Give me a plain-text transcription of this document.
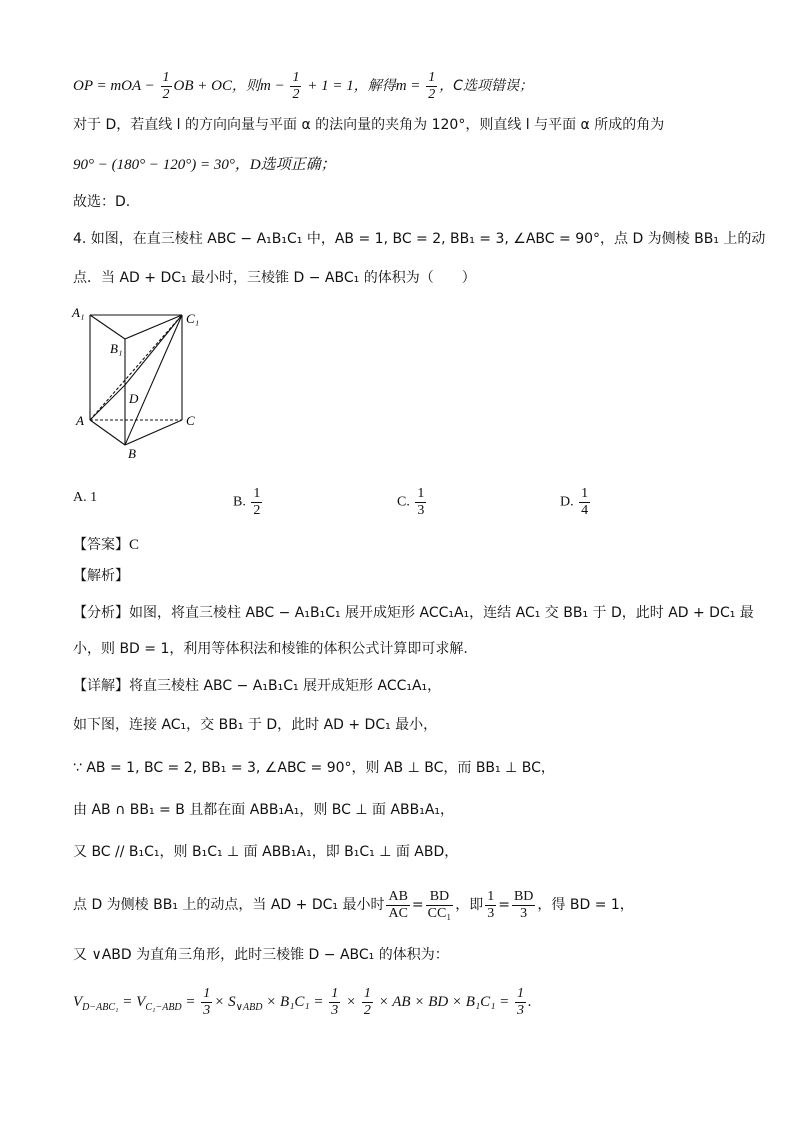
OP = mOA − $\frac{1}{2}$ OB + OC，则$m - \frac{1}{2} + 1 = 1$，解得$m = \frac{1}{2}$ ，C选项错误；
对于 D，若直线 l 的方向向量与平面 α 的法向量的夹角为 120°，则直线 l 与平面 α 所成的角为
90° − (180° − 120°) = 30°，D选项正确；
故选：D.
4. 如图，在直三棱柱 ABC − A₁B₁C₁ 中，AB = 1, BC = 2, BB₁ = 3, ∠ABC = 90°，点 D 为侧棱 BB₁ 上的动
点．当 AD + DC₁ 最小时，三棱锥 D − ABC₁ 的体积为（　　）
A₁	C₁
B₁
D
A	C
B
A. 1	B. $\frac{1}{2}$	C. $\frac{1}{3}$	D. $\frac{1}{4}$
【答案】C
【解析】
【分析】如图，将直三棱柱 ABC − A₁B₁C₁ 展开成矩形 ACC₁A₁，连结 AC₁ 交 BB₁ 于 D，此时 AD + DC₁ 最
小，则 BD = 1，利用等体积法和棱锥的体积公式计算即可求解.
【详解】将直三棱柱 ABC − A₁B₁C₁ 展开成矩形 ACC₁A₁，
如下图，连接 AC₁，交 BB₁ 于 D，此时 AD + DC₁ 最小，
∵ AB = 1, BC = 2, BB₁ = 3, ∠ABC = 90°，则 AB ⊥ BC，而 BB₁ ⊥ BC，
由 AB ∩ BB₁ = B 且都在面 ABB₁A₁，则 BC ⊥ 面 ABB₁A₁，
又 BC // B₁C₁，则 B₁C₁ ⊥ 面 ABB₁A₁，即 B₁C₁ ⊥ 面 ABD，
点 D 为侧棱 BB₁ 上的动点，当 AD + DC₁ 最小时 $\frac{AB}{AC} = \frac{BD}{\text{CC₁}}$ ，即 $\frac{1}{3} = \frac{BD}{3}$ ，得 BD = 1，
又 ∨ABD 为直角三角形，此时三棱锥 D − ABC₁ 的体积为：
$V_{D-ABC_1} = V_{C_1-ABD} = \frac{1}{3} \times S_{\vee ABD} \times B_1C_1 = \frac{1}{3} \times \frac{1}{2}$ × AB × BD × $B_1C_1 = \frac{1}{3}$ .
